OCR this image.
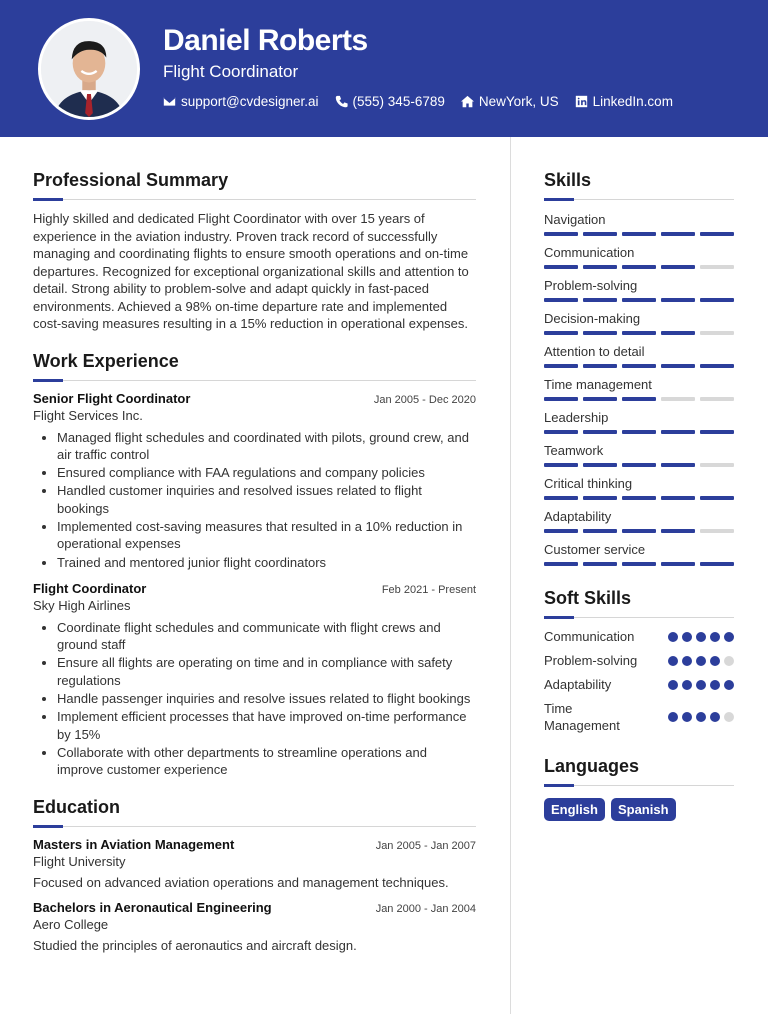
Daniel Roberts
Flight Coordinator
support@cvdesigner.ai	(555) 345-6789	NewYork, US	LinkedIn.com
Professional Summary

Highly skilled and dedicated Flight Coordinator with over 15 years of experience in the aviation industry. Proven track record of successfully managing and coordinating flights to ensure smooth operations and on-time departures. Recognized for exceptional organizational skills and attention to detail. Strong ability to problem-solve and adapt quickly in fast-paced environments. Achieved a 98% on-time departure rate and implemented cost-saving measures resulting in a 15% reduction in operational expenses.

Work Experience
Senior Flight Coordinator	Jan 2005 - Dec 2020
Flight Services Inc.
• Managed flight schedules and coordinated with pilots, ground crew, and air traffic control
• Ensured compliance with FAA regulations and company policies
• Handled customer inquiries and resolved issues related to flight bookings
• Implemented cost-saving measures that resulted in a 10% reduction in operational expenses
• Trained and mentored junior flight coordinators
Flight Coordinator	Feb 2021 - Present
Sky High Airlines
• Coordinate flight schedules and communicate with flight crews and ground staff
• Ensure all flights are operating on time and in compliance with safety regulations
• Handle passenger inquiries and resolve issues related to flight bookings
• Implement efficient processes that have improved on-time performance by 15%
• Collaborate with other departments to streamline operations and improve customer experience
Education
Masters in Aviation Management	Jan 2005 - Jan 2007
Flight University
Focused on advanced aviation operations and management techniques.
Bachelors in Aeronautical Engineering	Jan 2000 - Jan 2004
Aero College
Studied the principles of aeronautics and aircraft design.
Skills
Navigation
Communication
Problem-solving
Decision-making
Attention to detail
Time management
Leadership
Teamwork
Critical thinking
Adaptability
Customer service
Soft Skills
Communication
Problem-solving
Adaptability
Time Management
Languages
English	Spanish
